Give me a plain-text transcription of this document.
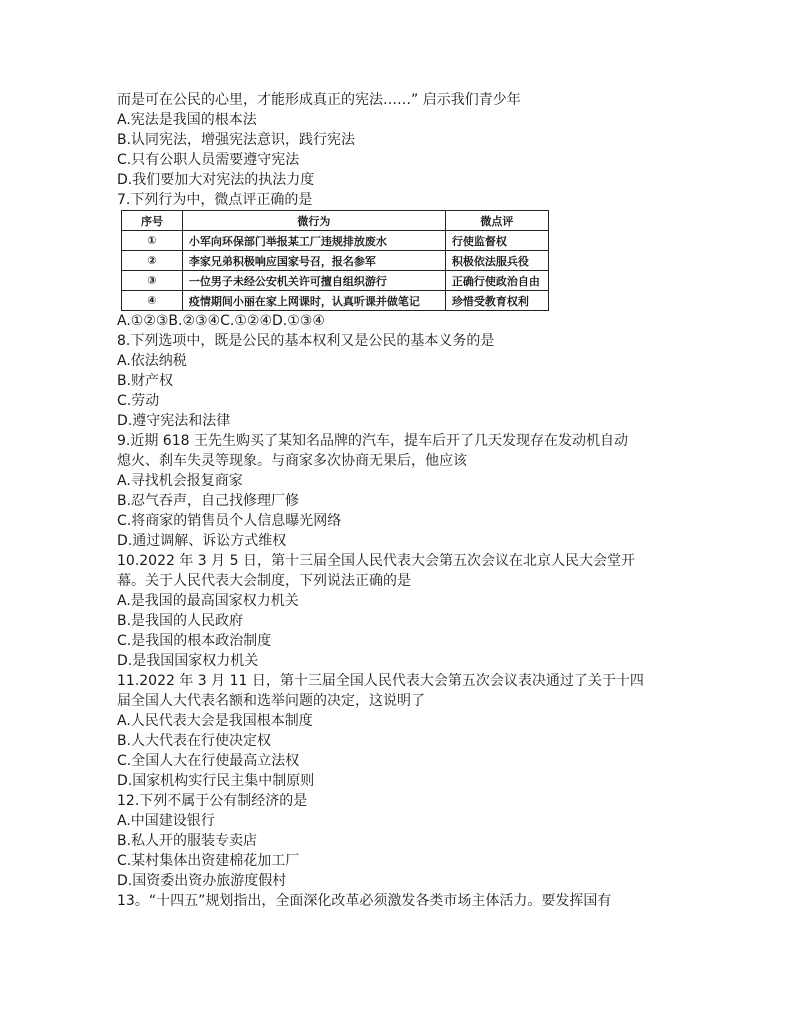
而是可在公民的心里，才能形成真正的宪法……” 启示我们青少年
A.宪法是我国的根本法
B.认同宪法，增强宪法意识，践行宪法
C.只有公职人员需要遵守宪法
D.我们要加大对宪法的执法力度
7.下列行为中，微点评正确的是
序号	微行为	微点评
①	小军向环保部门举报某工厂违规排放废水	行使监督权
②	李家兄弟积极响应国家号召，报名参军	积极依法服兵役
③	一位男子未经公安机关许可擅自组织游行	正确行使政治自由
④	疫情期间小丽在家上网课时，认真听课并做笔记	珍惜受教育权利
A.①②③B.②③④C.①②④D.①③④
8.下列选项中，既是公民的基本权利又是公民的基本义务的是
A.依法纳税
B.财产权
C.劳动
D.遵守宪法和法律
9.近期 618 王先生购买了某知名品牌的汽车，提车后开了几天发现存在发动机自动
熄火、刹车失灵等现象。与商家多次协商无果后，他应该
A.寻找机会报复商家
B.忍气吞声，自己找修理厂修
C.将商家的销售员个人信息曝光网络
D.通过调解、诉讼方式维权
10.2022 年 3 月 5 日，第十三届全国人民代表大会第五次会议在北京人民大会堂开
幕。关于人民代表大会制度，下列说法正确的是
A.是我国的最高国家权力机关
B.是我国的人民政府
C.是我国的根本政治制度
D.是我国国家权力机关
11.2022 年 3 月 11 日，第十三届全国人民代表大会第五次会议表决通过了关于十四
届全国人大代表名额和选举问题的决定，这说明了
A.人民代表大会是我国根本制度
B.人大代表在行使决定权
C.全国人大在行使最高立法权
D.国家机构实行民主集中制原则
12.下列不属于公有制经济的是
A.中国建设银行
B.私人开的服装专卖店
C.某村集体出资建棉花加工厂
D.国资委出资办旅游度假村
13。“十四五”规划指出，全面深化改革必须激发各类市场主体活力。要发挥国有
